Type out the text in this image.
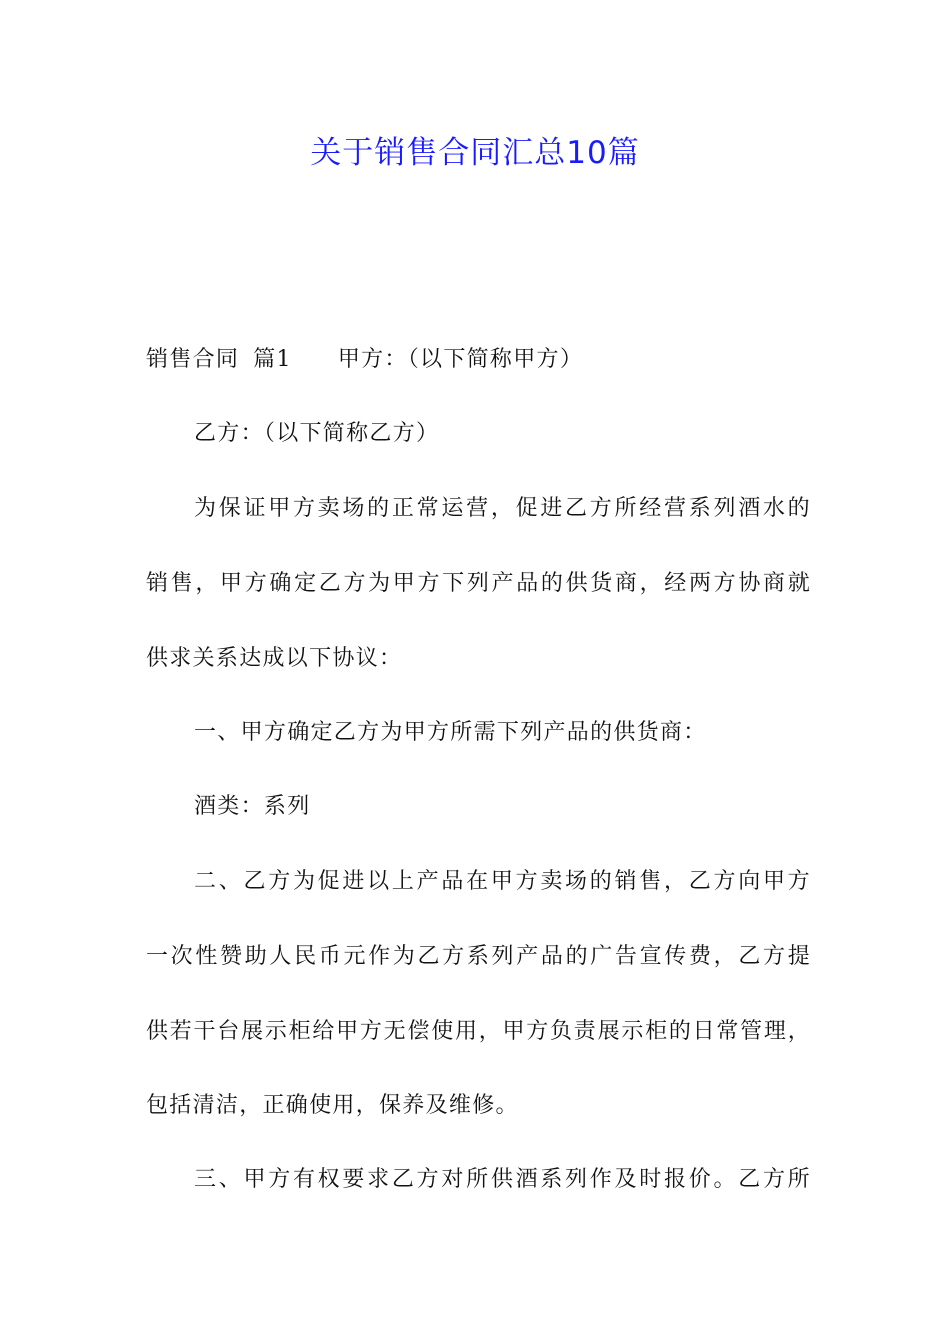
关于销售合同汇总10篇
销售合同 篇1 甲方：（以下简称甲方）
乙方：（以下简称乙方）
为保证甲方卖场的正常运营，促进乙方所经营系列酒水的
销售，甲方确定乙方为甲方下列产品的供货商，经两方协商就
供求关系达成以下协议：
一、甲方确定乙方为甲方所需下列产品的供货商：
酒类：系列
二、乙方为促进以上产品在甲方卖场的销售，乙方向甲方
一次性赞助人民币元作为乙方系列产品的广告宣传费，乙方提
供若干台展示柜给甲方无偿使用，甲方负责展示柜的日常管理，
包括清洁，正确使用，保养及维修。
三、甲方有权要求乙方对所供酒系列作及时报价。乙方所
